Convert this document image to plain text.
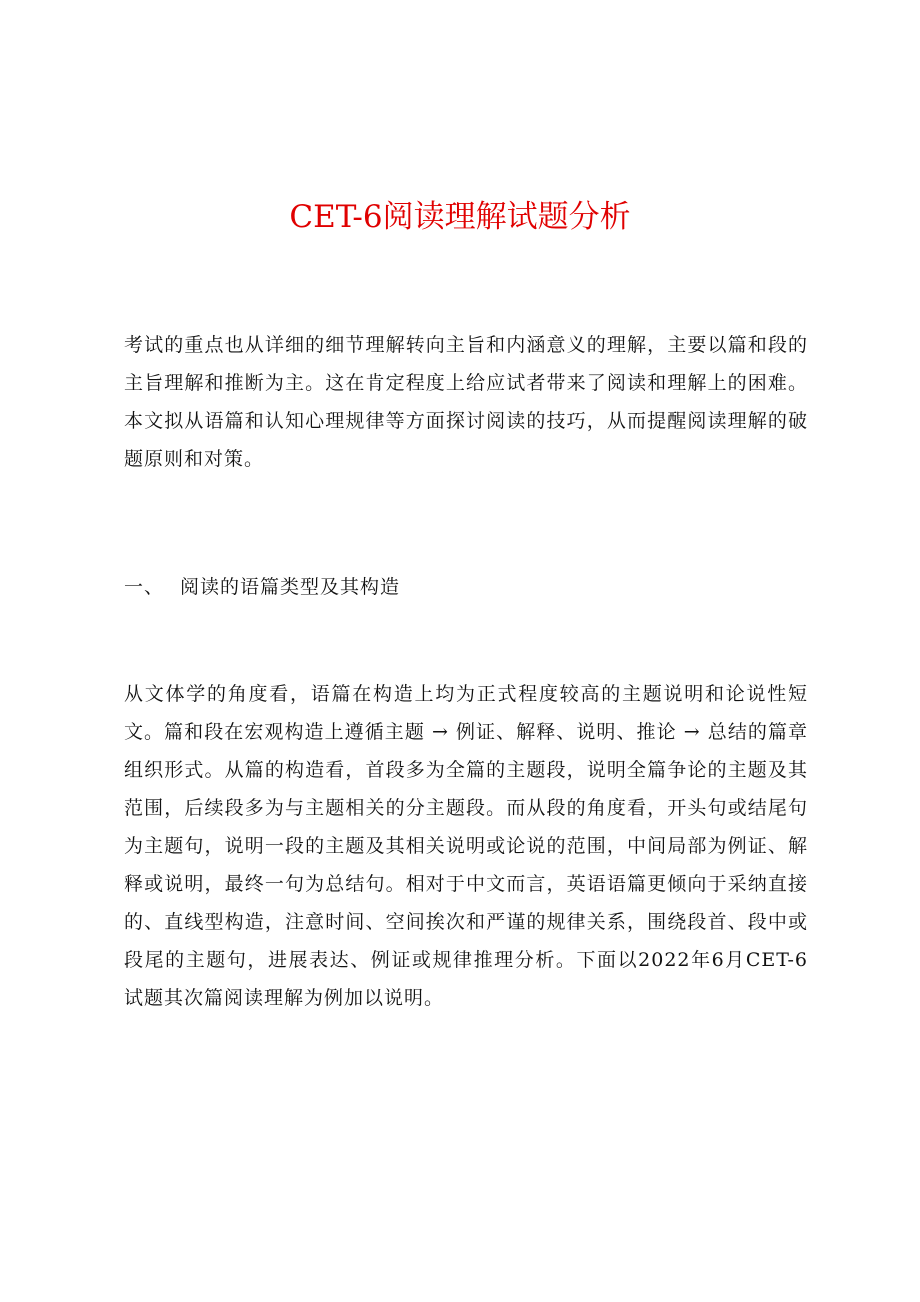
CET-6阅读理解试题分析

考试的重点也从详细的细节理解转向主旨和内涵意义的理解，主要以篇和段的主旨理解和推断为主。这在肯定程度上给应试者带来了阅读和理解上的困难。本文拟从语篇和认知心理规律等方面探讨阅读的技巧，从而提醒阅读理解的破题原则和对策。

一、 阅读的语篇类型及其构造

从文体学的角度看，语篇在构造上均为正式程度较高的主题说明和论说性短文。篇和段在宏观构造上遵循主题 → 例证、解释、说明、推论 → 总结的篇章组织形式。从篇的构造看，首段多为全篇的主题段，说明全篇争论的主题及其范围，后续段多为与主题相关的分主题段。而从段的角度看，开头句或结尾句为主题句，说明一段的主题及其相关说明或论说的范围，中间局部为例证、解释或说明，最终一句为总结句。相对于中文而言，英语语篇更倾向于采纳直接的、直线型构造，注意时间、空间挨次和严谨的规律关系，围绕段首、段中或段尾的主题句，进展表达、例证或规律推理分析。下面以2022年6月CET-6试题其次篇阅读理解为例加以说明。
